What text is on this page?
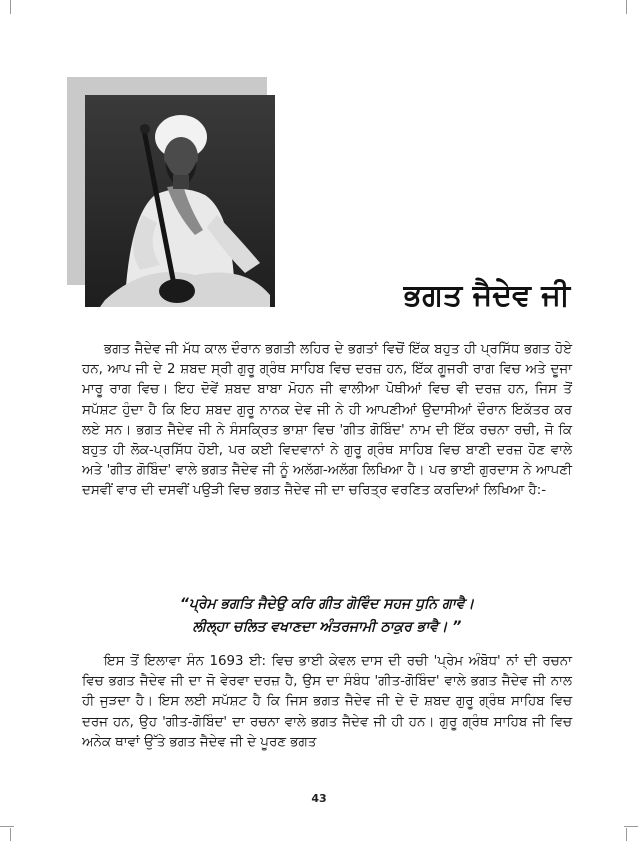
ਭਗਤ ਜੈਦੇਵ ਜੀ

ਭਗਤ ਜੈਦੇਵ ਜੀ ਮੱਧ ਕਾਲ ਦੌਰਾਨ ਭਗਤੀ ਲਹਿਰ ਦੇ ਭਗਤਾਂ ਵਿਚੋਂ ਇੱਕ ਬਹੁਤ ਹੀ ਪ੍ਰਸਿੱਧ ਭਗਤ ਹੋਏ ਹਨ, ਆਪ ਜੀ ਦੇ 2 ਸ਼ਬਦ ਸ੍ਰੀ ਗੁਰੂ ਗ੍ਰੰਥ ਸਾਹਿਬ ਵਿਚ ਦਰਜ਼ ਹਨ, ਇੱਕ ਗੂਜਰੀ ਰਾਗ ਵਿਚ ਅਤੇ ਦੂਜਾ ਮਾਰੂ ਰਾਗ ਵਿਚ। ਇਹ ਦੋਵੇਂ ਸ਼ਬਦ ਬਾਬਾ ਮੋਹਨ ਜੀ ਵਾਲੀਆ ਪੋਥੀਆਂ ਵਿਚ ਵੀ ਦਰਜ਼ ਹਨ, ਜਿਸ ਤੋਂ ਸਪੱਸ਼ਟ ਹੁੰਦਾ ਹੈ ਕਿ ਇਹ ਸ਼ਬਦ ਗੁਰੂ ਨਾਨਕ ਦੇਵ ਜੀ ਨੇ ਹੀ ਆਪਣੀਆਂ ਉਦਾਸੀਆਂ ਦੌਰਾਨ ਇਕੱਤਰ ਕਰ ਲਏ ਸਨ। ਭਗਤ ਜੈਦੇਵ ਜੀ ਨੇ ਸੰਸਕ੍ਰਿਤ ਭਾਸ਼ਾ ਵਿਚ 'ਗੀਤ ਗੋਬਿੰਦ' ਨਾਮ ਦੀ ਇੱਕ ਰਚਨਾ ਰਚੀ, ਜੋ ਕਿ ਬਹੁਤ ਹੀ ਲੋਕ-ਪ੍ਰਸਿੱਧ ਹੋਈ, ਪਰ ਕਈ ਵਿਦਵਾਨਾਂ ਨੇ ਗੁਰੂ ਗ੍ਰੰਥ ਸਾਹਿਬ ਵਿਚ ਬਾਣੀ ਦਰਜ਼ ਹੋਣ ਵਾਲੇ ਅਤੇ 'ਗੀਤ ਗੋਬਿੰਦ' ਵਾਲੇ ਭਗਤ ਜੈਦੇਵ ਜੀ ਨੂੰ ਅਲੱਗ-ਅਲੱਗ ਲਿਖਿਆ ਹੈ। ਪਰ ਭਾਈ ਗੁਰਦਾਸ ਨੇ ਆਪਣੀ ਦਸਵੀਂ ਵਾਰ ਦੀ ਦਸਵੀਂ ਪਉੜੀ ਵਿਚ ਭਗਤ ਜੈਦੇਵ ਜੀ ਦਾ ਚਰਿਤ੍ਰ ਵਰਣਿਤ ਕਰਦਿਆਂ ਲਿਖਿਆ ਹੈ:-

“ਪ੍ਰੇਮ ਭਗਤਿ ਜੈਦੇਉ ਕਰਿ ਗੀਤ ਗੋਵਿੰਦ ਸਹਜ ਧੁਨਿ ਗਾਵੈ।
ਲੀਲ੍ਹਾ ਚਲਿਤ ਵਖਾਣਦਾ ਅੰਤਰਜਾਮੀ ਠਾਕੁਰ ਭਾਵੈ। ”

ਇਸ ਤੋਂ ਇਲਾਵਾ ਸੰਨ 1693 ਈ: ਵਿਚ ਭਾਈ ਕੇਵਲ ਦਾਸ ਦੀ ਰਚੀ 'ਪ੍ਰੇਮ ਅੰਬੋਧ' ਨਾਂ ਦੀ ਰਚਨਾ ਵਿਚ ਭਗਤ ਜੈਦੇਵ ਜੀ ਦਾ ਜੋ ਵੇਰਵਾ ਦਰਜ਼ ਹੈ, ਉਸ ਦਾ ਸੰਬੰਧ 'ਗੀਤ-ਗੋਬਿੰਦ' ਵਾਲੇ ਭਗਤ ਜੈਦੇਵ ਜੀ ਨਾਲ ਹੀ ਜੁੜਦਾ ਹੈ। ਇਸ ਲਈ ਸਪੱਸ਼ਟ ਹੈ ਕਿ ਜਿਸ ਭਗਤ ਜੈਦੇਵ ਜੀ ਦੇ ਦੋ ਸ਼ਬਦ ਗੁਰੂ ਗ੍ਰੰਥ ਸਾਹਿਬ ਵਿਚ ਦਰਜ ਹਨ, ਉਹ 'ਗੀਤ-ਗੋਬਿੰਦ' ਦਾ ਰਚਨਾ ਵਾਲੇ ਭਗਤ ਜੈਦੇਵ ਜੀ ਹੀ ਹਨ। ਗੁਰੂ ਗ੍ਰੰਥ ਸਾਹਿਬ ਜੀ ਵਿਚ ਅਨੇਕ ਥਾਵਾਂ ਉੱਤੇ ਭਗਤ ਜੈਦੇਵ ਜੀ ਦੇ ਪੂਰਣ ਭਗਤ

43
